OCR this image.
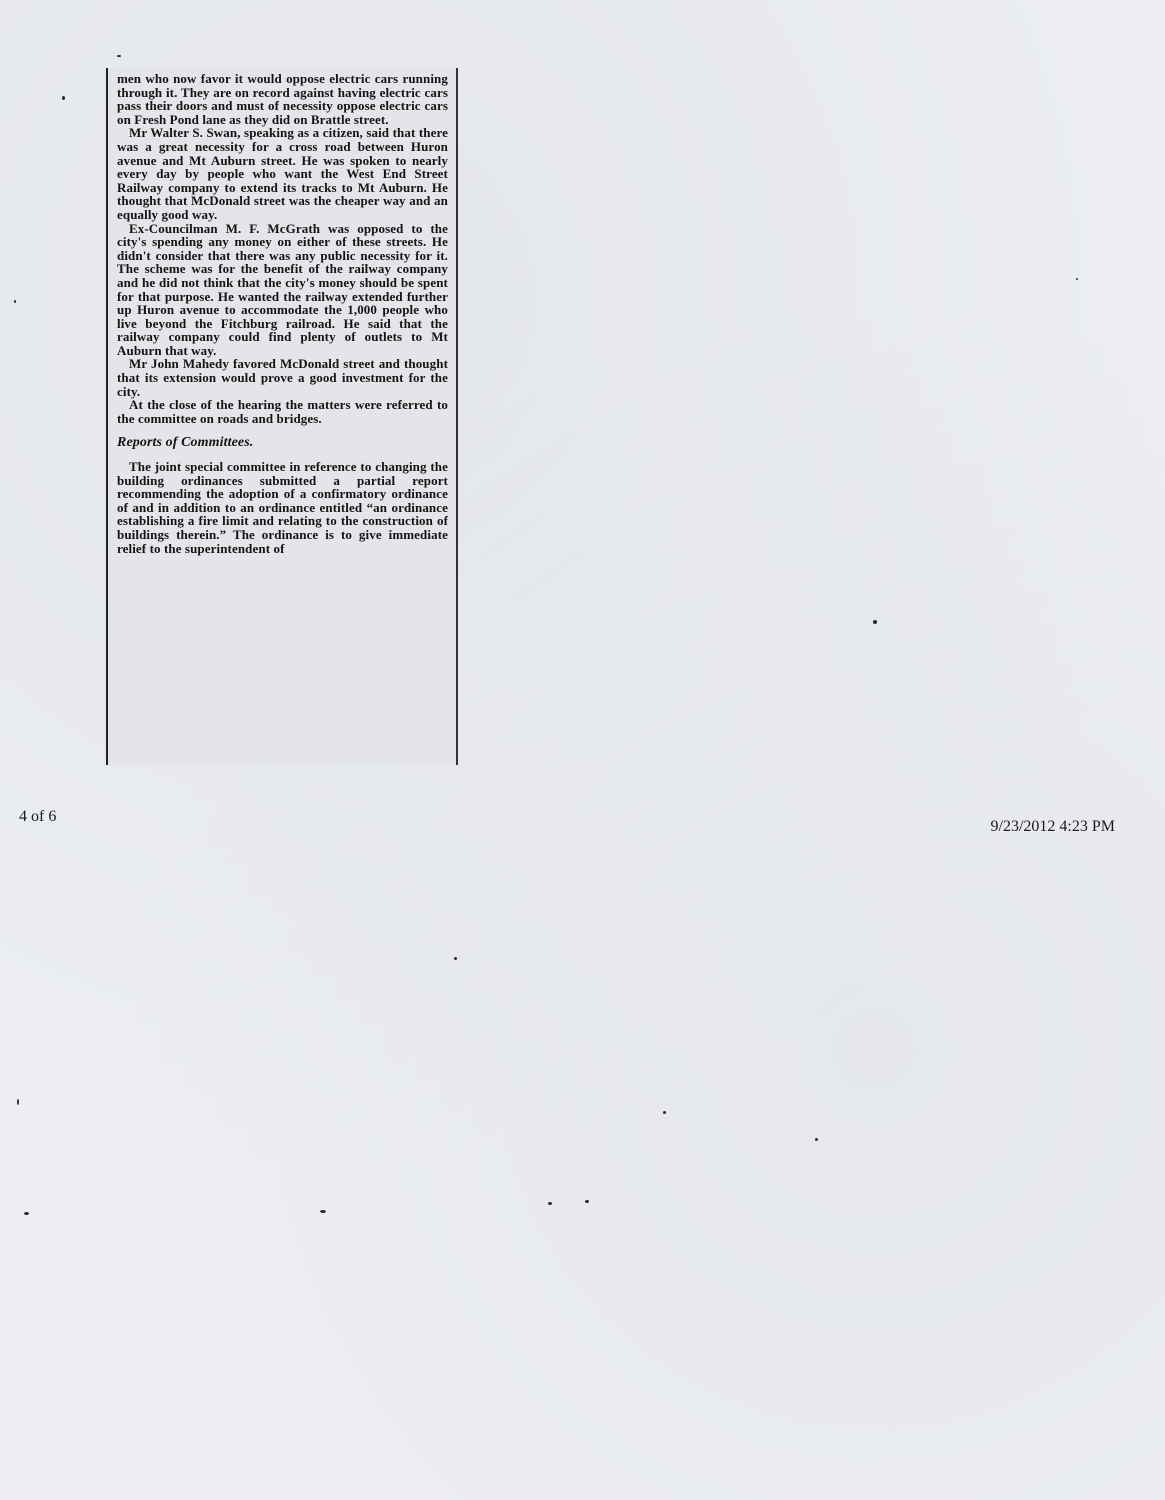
men who now favor it would oppose electric cars running through it. They are on record against having electric cars pass their doors and must of necessity oppose electric cars on Fresh Pond lane as they did on Brattle street.

Mr Walter S. Swan, speaking as a citizen, said that there was a great necessity for a cross road between Huron avenue and Mt Auburn street. He was spoken to nearly every day by people who want the West End Street Railway company to extend its tracks to Mt Auburn. He thought that McDonald street was the cheaper way and an equally good way.

Ex-Councilman M. F. McGrath was opposed to the city's spending any money on either of these streets. He didn't consider that there was any public necessity for it. The scheme was for the benefit of the railway company and he did not think that the city's money should be spent for that purpose. He wanted the railway extended further up Huron avenue to accommodate the 1,000 people who live beyond the Fitchburg railroad. He said that the railway company could find plenty of outlets to Mt Auburn that way.

Mr John Mahedy favored McDonald street and thought that its extension would prove a good investment for the city.

At the close of the hearing the matters were referred to the committee on roads and bridges.

Reports of Committees.

The joint special committee in reference to changing the building ordinances submitted a partial report recommending the adoption of a confirmatory ordinance of and in addition to an ordinance entitled “an ordinance establishing a fire limit and relating to the construction of buildings therein.” The ordinance is to give immediate relief to the superintendent of

4 of 6
9/23/2012 4:23 PM
